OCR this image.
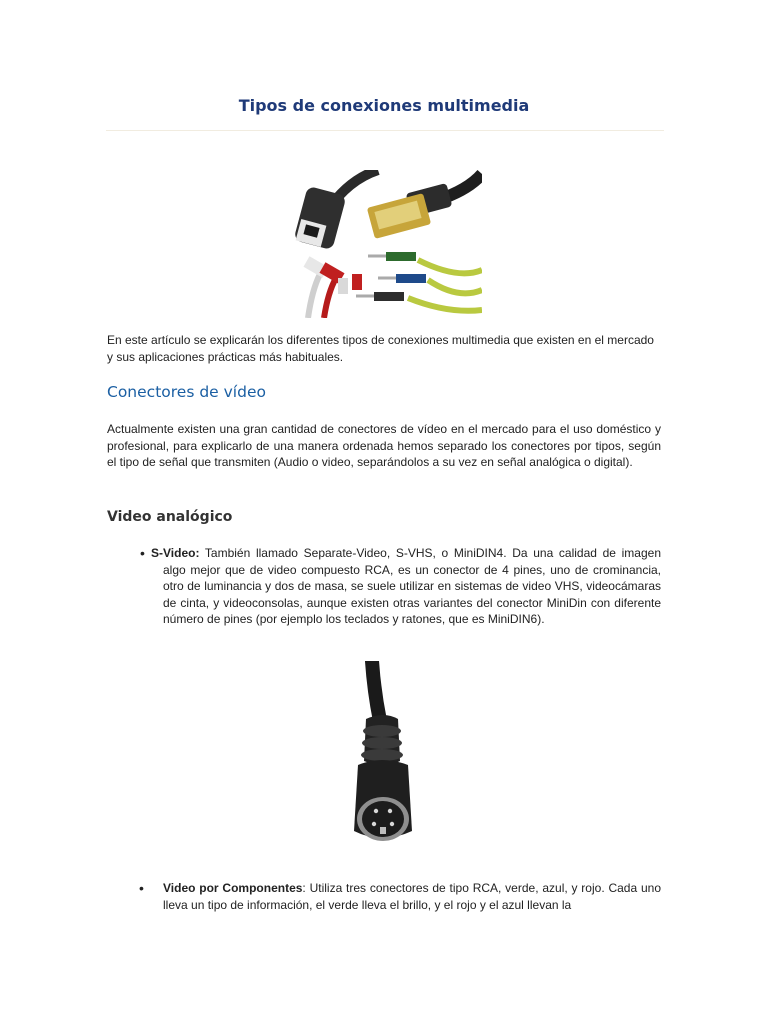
Tipos de conexiones multimedia

En este artículo se explicarán los diferentes tipos de conexiones multimedia que existen en el mercado y sus aplicaciones prácticas más habituales.

Conectores de vídeo

Actualmente existen una gran cantidad de conectores de vídeo en el mercado para el uso doméstico y profesional, para explicarlo de una manera ordenada hemos separado los conectores por tipos, según el tipo de señal que transmiten (Audio o video, separándolos a su vez en señal analógica o digital).

Video analógico
• S-Video: También llamado Separate-Video, S-VHS, o MiniDIN4. Da una calidad de imagen algo mejor que de video compuesto RCA, es un conector de 4 pines, uno de crominancia, otro de luminancia y dos de masa, se suele utilizar en sistemas de video VHS, videocámaras de cinta, y videoconsolas, aunque existen otras variantes del conector MiniDin con diferente número de pines (por ejemplo los teclados y ratones, que es MiniDIN6).

• Video por Componentes: Utiliza tres conectores de tipo RCA, verde, azul, y rojo. Cada uno lleva un tipo de información, el verde lleva el brillo, y el rojo y el azul llevan la
